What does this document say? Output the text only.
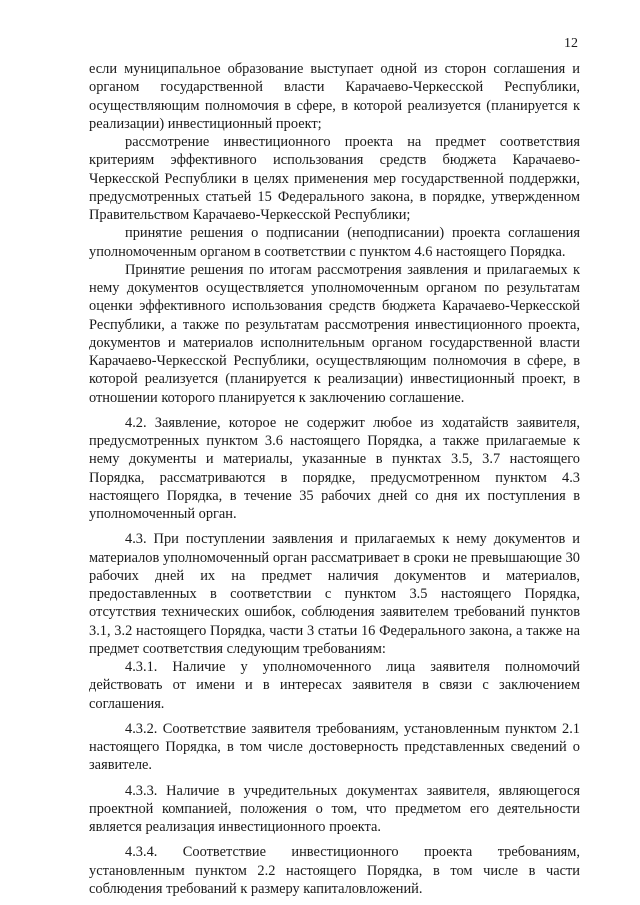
12

если муниципальное образование выступает одной из сторон соглашения и органом государственной власти Карачаево-Черкесской Республики, осуществляющим полномочия в сфере, в которой реализуется (планируется к реализации) инвестиционный проект;

рассмотрение инвестиционного проекта на предмет соответствия критериям эффективного использования средств бюджета Карачаево-Черкесской Республики в целях применения мер государственной поддержки, предусмотренных статьей 15 Федерального закона, в порядке, утвержденном Правительством Карачаево-Черкесской Республики;

принятие решения о подписании (неподписании) проекта соглашения уполномоченным органом в соответствии с пунктом 4.6 настоящего Порядка.

Принятие решения по итогам рассмотрения заявления и прилагаемых к нему документов осуществляется уполномоченным органом по результатам оценки эффективного использования средств бюджета Карачаево-Черкесской Республики, а также по результатам рассмотрения инвестиционного проекта, документов и материалов исполнительным органом государственной власти Карачаево-Черкесской Республики, осуществляющим полномочия в сфере, в которой реализуется (планируется к реализации) инвестиционный проект, в отношении которого планируется к заключению соглашение.

4.2. Заявление, которое не содержит любое из ходатайств заявителя, предусмотренных пунктом 3.6 настоящего Порядка, а также прилагаемые к нему документы и материалы, указанные в пунктах 3.5, 3.7 настоящего Порядка, рассматриваются в порядке, предусмотренном пунктом 4.3 настоящего Порядка, в течение 35 рабочих дней со дня их поступления в уполномоченный орган.

4.3. При поступлении заявления и прилагаемых к нему документов и материалов уполномоченный орган рассматривает в сроки не превышающие 30 рабочих дней их на предмет наличия документов и материалов, предоставленных в соответствии с пунктом 3.5 настоящего Порядка, отсутствия технических ошибок, соблюдения заявителем требований пунктов 3.1, 3.2 настоящего Порядка, части 3 статьи 16 Федерального закона, а также на предмет соответствия следующим требованиям:

4.3.1. Наличие у уполномоченного лица заявителя полномочий действовать от имени и в интересах заявителя в связи с заключением соглашения.

4.3.2. Соответствие заявителя требованиям, установленным пунктом 2.1 настоящего Порядка, в том числе достоверность представленных сведений о заявителе.

4.3.3. Наличие в учредительных документах заявителя, являющегося проектной компанией, положения о том, что предметом его деятельности является реализация инвестиционного проекта.

4.3.4. Соответствие инвестиционного проекта требованиям, установленным пунктом 2.2 настоящего Порядка, в том числе в части соблюдения требований к размеру капиталовложений.
